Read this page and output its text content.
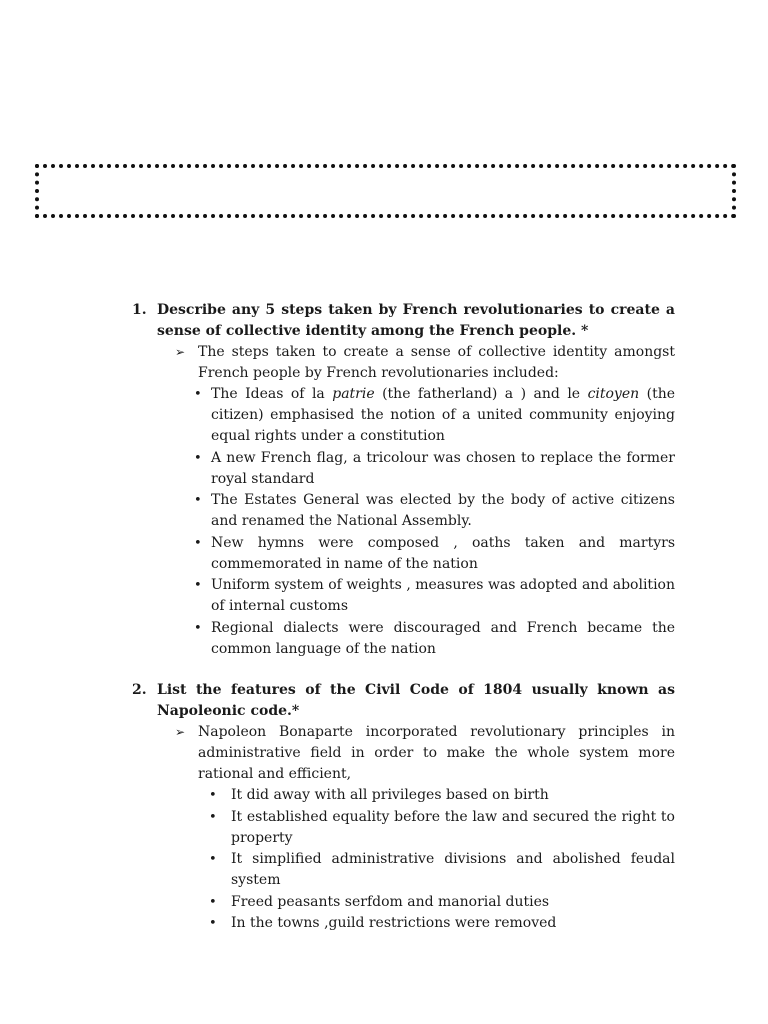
1. Describe any 5 steps taken by French revolutionaries to create a sense of collective identity among the French people. *
➢ The steps taken to create a sense of collective identity amongst French people by French revolutionaries included:
• The Ideas of la patrie (the fatherland) a ) and le citoyen (the citizen) emphasised the notion of a united community enjoying equal rights under a constitution
• A new French flag, a tricolour was chosen to replace the former royal standard
• The Estates General was elected by the body of active citizens and renamed the National Assembly.
• New hymns were composed , oaths taken and martyrs commemorated in name of the nation
• Uniform system of weights , measures was adopted and abolition of internal customs
• Regional dialects were discouraged and French became the common language of the nation
2. List the features of the Civil Code of 1804 usually known as Napoleonic code.*
➢ Napoleon Bonaparte incorporated revolutionary principles in administrative field in order to make the whole system more rational and efficient,
• It did away with all privileges based on birth
• It established equality before the law and secured the right to property
• It simplified administrative divisions and abolished feudal system
• Freed peasants serfdom and manorial duties
• In the towns ,guild restrictions were removed
